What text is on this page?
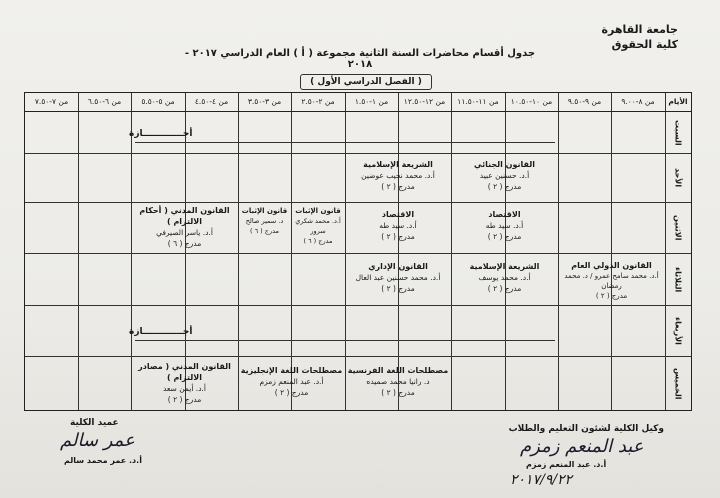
جامعة القاهرة
كلية الحقوق
جدول أقسام محاضرات السنة الثانية مجموعة ( أ ) العام الدراسي ٢٠١٧ - ٢٠١٨
( الفصل الدراسي الأول )
من ٨-٩.٠٠
من ٩-٩.٥٠
من ١٠-١٠.٥٠
من ١١-١١.٥٠
من ١٢-١٢.٥٠
من ١-١.٥٠
من ٢-٢.٥٠
من ٣-٣.٥٠
من ٤-٤.٥٠
من ٥-٥.٥٠
من ٦-٦.٥٠
من ٧-٧.٥٠	الأيام
السبت
الأحد
الاثنين
الثلاثاء
الأربعاء
الخميس
أجـــــــــــــازة
أجـــــــــــــازة
القانون الجنائي
أ.د. حسنين عبيد
مدرج ( ٢ )
الشريعة الإسلامية
أ.د. محمد نجيب عوضين
مدرج ( ٢ )
الاقتصاد
أ.د. سيد طه
مدرج ( ٢ )
الاقتصاد
أ.د. سيد طه
مدرج ( ٢ )
قانون الإثبات
أ.د. محمد شكري سرور
مدرج ( ٦ )
قانون الإثبات
د. سمير صالح
مدرج ( ٦ )
القانون المدني ( أحكام الالتزام )
أ.د. ياسر الصيرفي
مدرج ( ٦ )
القانون الدولي العام
أ.د. محمد سامح عمرو / د. محمد رمضان
مدرج ( ٢ )
الشريعة الإسلامية
أ.د. محمد يوسف
مدرج ( ٢ )
القانون الإداري
أ.د. محمد حسنين عبد العال
مدرج ( ٢ )
مصطلحات اللغة الفرنسية
د. رانيا محمد صميده
مدرج ( ٢ )
مصطلحات اللغة الإنجليزية
أ.د. عبد المنعم زمزم
مدرج ( ٢ )
القانون المدني ( مصادر الالتزام )
أ.د. أيمن سعد
مدرج ( ٢ )
عميد الكلية
عمر سالم
أ.د. عمر محمد سالم
وكيل الكلية لشئون التعليم والطلاب
عبد المنعم زمزم
أ.د. عبد المنعم زمزم
٢٠١٧/٩/٢٢
